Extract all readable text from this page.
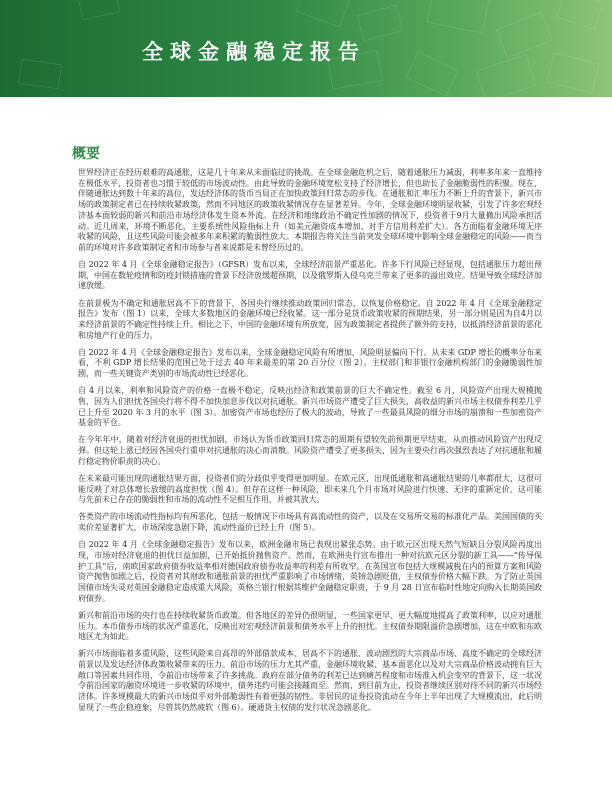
全球金融稳定报告
概要

世界经济正在经历艰难的高通胀，这是几十年来从未面临过的挑战。在全球金融危机之后，随着通胀压力减弱，利率多年来一直维持在极低水平，投资者也习惯于较低的市场波动性。由此导致的金融环境宽松支持了经济增长，但也助长了金融脆弱性的积聚。现在，伴随通胀达到数十年来的高位，发达经济体的货币当局正在加快政策回归常态的步伐。在通胀和汇率压力不断上升的背景下，新兴市场的政策制定者已在持续收紧政策，然而不同地区的政策收紧情况存在显著差异。今年，全球金融环境明显收紧，引发了许多宏观经济基本面较弱的新兴和前沿市场经济体发生资本外流。在经济和地缘政治不确定性加剧的情况下，投资者于9月大量撤出风险承担活动。近几周来，环境不断恶化，主要系统性风险指标上升（如美元融资成本增加、对手方信用利差扩大）。各方面临着金融环境无序收紧的风险，且这些风险可能会被多年来积累的脆弱性放大。本期报告将关注当前突发全球环境中影响全球金融稳定的风险——而当前的环境对许多政策制定者和市场参与者来说都是未曾经历过的。

自 2022 年 4 月《全球金融稳定报告》（GFSR）发布以来，全球经济前景严重恶化。许多下行风险已经显现，包括通胀压力超出预期，中国在数轮疫情和防疫封锁措施的背景下经济放缓超预期，以及俄罗斯入侵乌克兰带来了更多的溢出效应。结果导致全球经济加速放缓。

在前景极为不确定和通胀居高不下的背景下，各国央行继续推动政策回归常态，以恢复价格稳定。自 2022 年 4 月《全球金融稳定报告》发布（图 1）以来，全球大多数地区的金融环境已经收紧。这一部分是货币政策收紧的预期结果，另一部分则是因为自4月以来经济前景的不确定性持续上升。相比之下，中国的金融环境有所放宽，因为政策制定者提供了额外的支持，以抵消经济前景的恶化和房地产行业的压力。

自 2022 年 4 月《全球金融稳定报告》发布以来，全球金融稳定风险有所增加，风险明显偏向下行。从未来 GDP 增长的概率分布来看，不利 GDP 增长结果的范围已处于过去 40 年来最差的第 20 百分位（图 2）。主权部门和非银行金融机构部门的金融脆弱性加剧，而一些关键资产类别的市场流动性已经恶化。

自 4 月以来，利率和风险资产的价格一直极不稳定，反映出经济和政策前景的巨大不确定性。截至 6 月，风险资产出现大规模抛售，因为人们担忧各国央行将不得不加快加息步伐以对抗通胀。新兴市场资产遭受了巨大损失，高收益的新兴市场主权债券利差几乎已上升至 2020 年 3 月的水平（图 3）。加密资产市场也经历了极大的波动，导致了一些最具风险的细分市场的崩溃和一些加密资产基金的平仓。

在今年年中，随着对经济衰退的担忧加剧，市场认为货币政策回归常态的周期有望较先前预期更早结束，从而推动风险资产出现反弹。但这轮上涨已经因各国央行重申对抗通胀的决心而消散。风险资产遭受了更多损失，因为主要央行再次强烈表达了对抗通胀和履行稳定物价职责的决心。

在未来最可能出现的通胀结果方面，投资者们的分歧似乎变得更加明显。在欧元区，出现低通胀和高通胀结果的几率都很大，这很可能反映了对总体增长放缓的高度担忧（图 4）。但存在这样一种风险，即未来几个月市场对风险进行快速、无序的重新定价，这可能与先前未已存在的脆弱性和市场的流动性不足相互作用，并被其放大。

各类资产的市场流动性指标均有所恶化，包括一般情况下市场具有高流动性的资产，以及在交易所交易的标准化产品。美国国债的买卖价差显著扩大，市场深度急剧下降，流动性溢价已经上升（图 5）。

自 2022 年 4 月《全球金融稳定报告》发布以来，欧洲金融市场已表现出紧张态势。由于欧元区出现天然气短缺且分裂风险再度出现，市场对经济衰退的担忧日益加剧，已开始抵价抛售资产。然而，在欧洲央行宣布推出一种对抗欧元区分裂的新工具——“传导保护工具”后，南欧国家政府债券收益率相对德国政府债券收益率的利差有所收窄。在英国宣布包括大规模减税在内的预算方案和风险资产抛售加剧之后，投资者对其财政和通胀前景的担忧严重影响了市场情绪，英镑急剧贬值，主权债券价格大幅下跌。为了防止英国国债市场失灵对英国金融稳定造成重大风险，英格兰银行根据其维护金融稳定职责，于 9 月 28 日宣布临时性地定向购入长期英国政府债券。

新兴和前沿市场的央行也在持续收紧货币政策。但各地区的差异仍很明显，一些国家更早、更大幅度地提高了政策利率，以应对通胀压力。本币债券市场的状况严重恶化，反映出对宏观经济前景和债务水平上升的担忧。主权债券期限溢价急剧增加，这在中欧和东欧地区尤为如此。

新兴市场面临着多重风险，这些风险来自高昂的外部借款成本、居高不下的通胀、波动剧烈的大宗商品市场、高度不确定的全球经济前景以及发达经济体政策收紧带来的压力。前沿市场的压力尤其严重，金融环境收紧、基本面恶化以及对大宗商品价格波动拥有巨大敞口等因素共同作用，令前沿市场带来了许多挑战。政府在部分债务的利差已达到痛苦程度和市场准入机会变窄的背景下，这一状况令前沿国家的融资环境进一步收紧的环境中，债务违约可能会接踵而至。然而，到目前为止，投资者继续区别对待不同的新兴市场经济体。许多规模最大的新兴市场似乎对外部脆弱性有着更强的韧性。非居民的证券投资流动在今年上半年出现了大规模流出，此后明显现了一些企稳迹象，尽管其仍然疲软（图 6）。硬通货主权债的发行状况急剧恶化。
